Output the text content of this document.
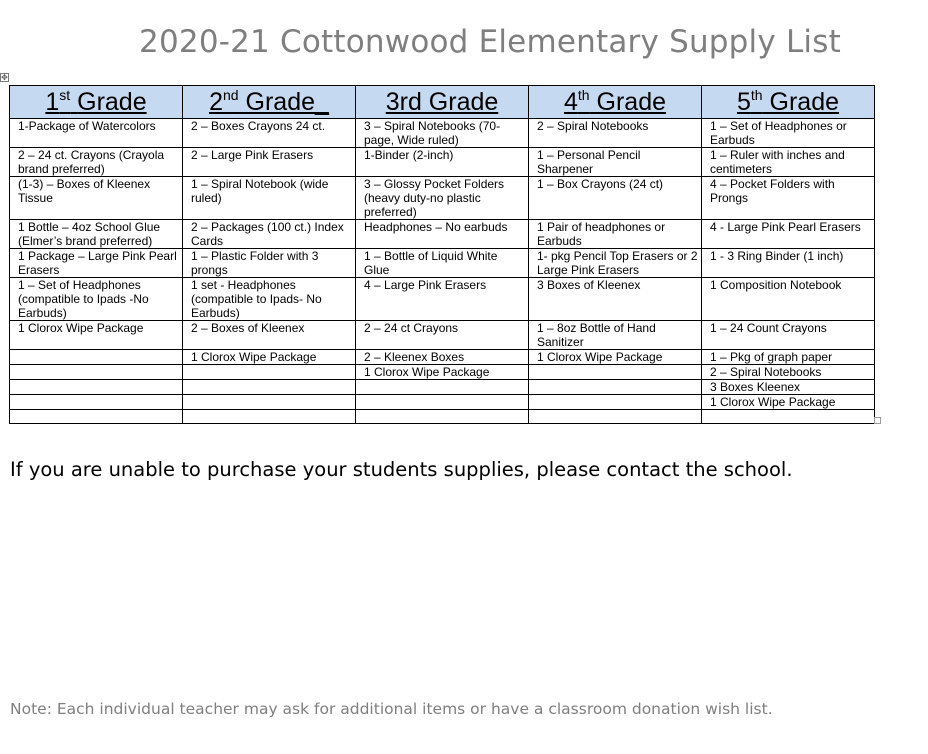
2020-21 Cottonwood Elementary Supply List
✥
1st Grade	2nd Grade_	3rd Grade	4th Grade	5th Grade
1-Package of Watercolors	2 – Boxes Crayons 24 ct.	3 – Spiral Notebooks (70-page, Wide ruled)	2 – Spiral Notebooks	1 – Set of Headphones or Earbuds
2 – 24 ct. Crayons (Crayola brand preferred)	2 – Large Pink Erasers	1-Binder (2-inch)	1 – Personal Pencil Sharpener	1 – Ruler with inches and centimeters
(1-3) – Boxes of Kleenex Tissue	1 – Spiral Notebook (wide ruled)	3 – Glossy Pocket Folders (heavy duty-no plastic preferred)	1 – Box Crayons (24 ct)	4 – Pocket Folders with Prongs
1 Bottle – 4oz School Glue (Elmer’s brand preferred)	2 – Packages (100 ct.) Index Cards	Headphones – No earbuds	1 Pair of headphones or Earbuds	4 - Large Pink Pearl Erasers
1 Package – Large Pink Pearl Erasers	1 – Plastic Folder with 3 prongs	1 – Bottle of Liquid White Glue	1- pkg Pencil Top Erasers or 2 Large Pink Erasers	1 - 3 Ring Binder (1 inch)
1 – Set of Headphones (compatible to Ipads -No Earbuds)	1 set - Headphones (compatible to Ipads- No Earbuds)	4 – Large Pink Erasers	3 Boxes of Kleenex	1 Composition Notebook
1 Clorox Wipe Package	2 – Boxes of Kleenex	2 – 24 ct Crayons	1 – 8oz Bottle of Hand Sanitizer	1 – 24 Count Crayons
	1 Clorox Wipe Package	2 – Kleenex Boxes	1 Clorox Wipe Package	1 – Pkg of graph paper
		1 Clorox Wipe Package		2 – Spiral Notebooks
				3 Boxes Kleenex
				1 Clorox Wipe Package

If you are unable to purchase your students supplies, please contact the school.
Note: Each individual teacher may ask for additional items or have a classroom donation wish list.
